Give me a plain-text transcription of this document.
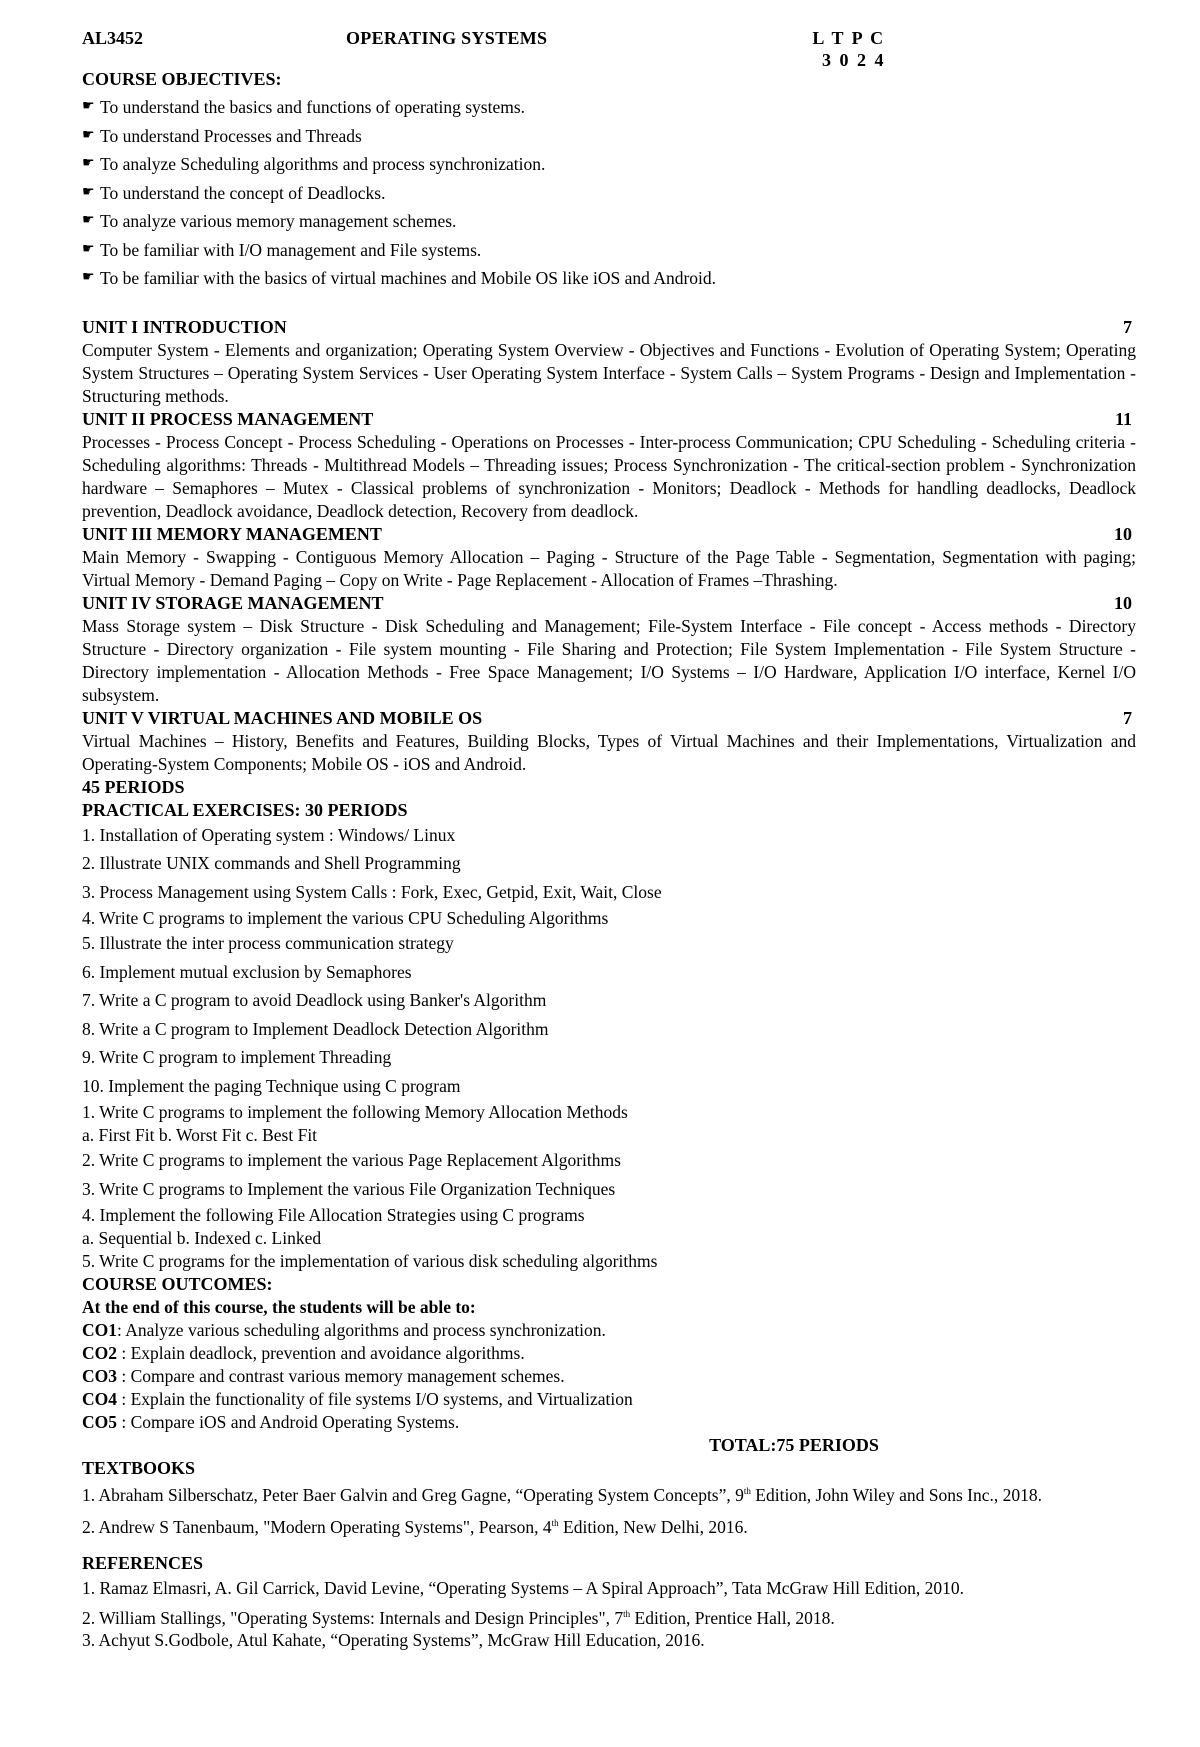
AL3452	OPERATING SYSTEMS	L T P C
3 0 2 4
COURSE OBJECTIVES:
☛ To understand the basics and functions of operating systems.
☛ To understand Processes and Threads
☛ To analyze Scheduling algorithms and process synchronization.
☛ To understand the concept of Deadlocks.
☛ To analyze various memory management schemes.
☛ To be familiar with I/O management and File systems.
☛ To be familiar with the basics of virtual machines and Mobile OS like iOS and Android.
UNIT I INTRODUCTION	7
Computer System - Elements and organization; Operating System Overview - Objectives and Functions - Evolution of Operating System; Operating System Structures – Operating System Services - User Operating System Interface - System Calls – System Programs - Design and Implementation - Structuring methods.
UNIT II PROCESS MANAGEMENT	11
Processes - Process Concept - Process Scheduling - Operations on Processes - Inter-process Communication; CPU Scheduling - Scheduling criteria - Scheduling algorithms: Threads - Multithread Models – Threading issues; Process Synchronization - The critical-section problem - Synchronization hardware – Semaphores – Mutex - Classical problems of synchronization - Monitors; Deadlock - Methods for handling deadlocks, Deadlock prevention, Deadlock avoidance, Deadlock detection, Recovery from deadlock.
UNIT III MEMORY MANAGEMENT	10
Main Memory - Swapping - Contiguous Memory Allocation – Paging - Structure of the Page Table - Segmentation, Segmentation with paging; Virtual Memory - Demand Paging – Copy on Write - Page Replacement - Allocation of Frames –Thrashing.
UNIT IV STORAGE MANAGEMENT	10
Mass Storage system – Disk Structure - Disk Scheduling and Management; File-System Interface - File concept - Access methods - Directory Structure - Directory organization - File system mounting - File Sharing and Protection; File System Implementation - File System Structure - Directory implementation - Allocation Methods - Free Space Management; I/O Systems – I/O Hardware, Application I/O interface, Kernel I/O subsystem.
UNIT V VIRTUAL MACHINES AND MOBILE OS	7
Virtual Machines – History, Benefits and Features, Building Blocks, Types of Virtual Machines and their Implementations, Virtualization and Operating-System Components; Mobile OS - iOS and Android.
45 PERIODS
PRACTICAL EXERCISES: 30 PERIODS
1. Installation of Operating system : Windows/ Linux
2. Illustrate UNIX commands and Shell Programming
3. Process Management using System Calls : Fork, Exec, Getpid, Exit, Wait, Close
4. Write C programs to implement the various CPU Scheduling Algorithms
5. Illustrate the inter process communication strategy
6. Implement mutual exclusion by Semaphores
7. Write a C program to avoid Deadlock using Banker's Algorithm
8. Write a C program to Implement Deadlock Detection Algorithm
9. Write C program to implement Threading
10. Implement the paging Technique using C program
1. Write C programs to implement the following Memory Allocation Methods
a. First Fit b. Worst Fit c. Best Fit
2. Write C programs to implement the various Page Replacement Algorithms
3. Write C programs to Implement the various File Organization Techniques
4. Implement the following File Allocation Strategies using C programs
a. Sequential b. Indexed c. Linked
5. Write C programs for the implementation of various disk scheduling algorithms
COURSE OUTCOMES:
At the end of this course, the students will be able to:
CO1: Analyze various scheduling algorithms and process synchronization.
CO2 : Explain deadlock, prevention and avoidance algorithms.
CO3 : Compare and contrast various memory management schemes.
CO4 : Explain the functionality of file systems I/O systems, and Virtualization
CO5 : Compare iOS and Android Operating Systems.
TOTAL:75 PERIODS
TEXTBOOKS
1. Abraham Silberschatz, Peter Baer Galvin and Greg Gagne, “Operating System Concepts”, 9th Edition, John Wiley and Sons Inc., 2018.
2. Andrew S Tanenbaum, "Modern Operating Systems", Pearson, 4th Edition, New Delhi, 2016.
REFERENCES
1. Ramaz Elmasri, A. Gil Carrick, David Levine, “Operating Systems – A Spiral Approach”, Tata McGraw Hill Edition, 2010.
2. William Stallings, "Operating Systems: Internals and Design Principles", 7th Edition, Prentice Hall, 2018.
3. Achyut S.Godbole, Atul Kahate, “Operating Systems”, McGraw Hill Education, 2016.
